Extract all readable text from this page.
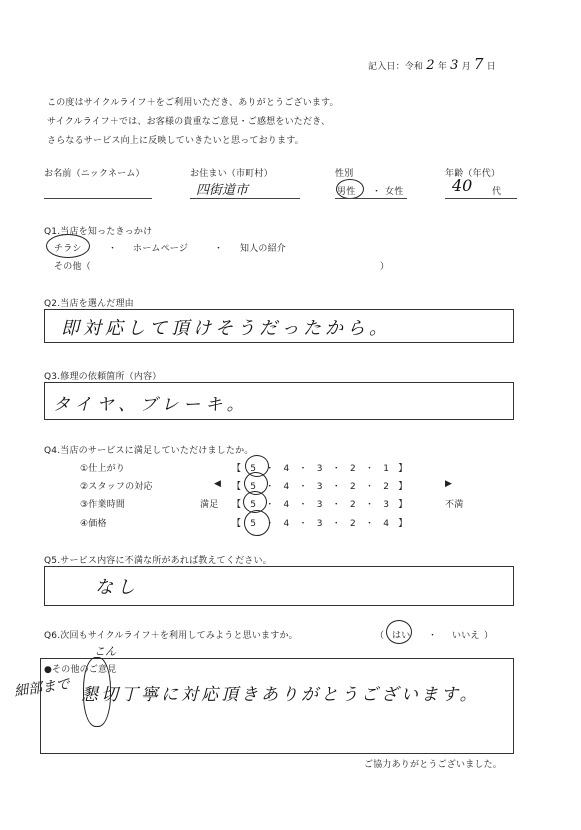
記入日：令和 2 年 3 月 7 日
この度はサイクルライフ＋をご利用いただき、ありがとうございます。
サイクルライフ＋では、お客様の貴重なご意見・ご感想をいただき、
さらなるサービス向上に反映していきたいと思っております。
お名前（ニックネーム）	お住まい（市町村）
四街道市
性別
男性 ・ 女性
年齢（年代）
40 代
Q1.当店を知ったきっかけ
チラシ	・ ホームページ	・ 知人の紹介
その他（	）
Q2.当店を選んだ理由
即対応して頂けそうだったから。
Q3.修理の依頼箇所（内容）
タイヤ、ブレーキ。
Q4.当店のサービスに満足していただけましたか。
①仕上がり	【 5 ・ 4 ・ 3 ・ 2 ・ 1 】
②スタッフの対応	◀ 【 5 ・ 4 ・ 3 ・ 2 ・ 2 】	▶
③作業時間	満足 【 5 ・ 4 ・ 3 ・ 2 ・ 3 】	不満
④価格	【 5 ・ 4 ・ 3 ・ 2 ・ 4 】
Q5.サービス内容に不満な所があれば教えてください。
なし
Q6.次回もサイクルライフ＋を利用してみようと思いますか。	（ はい ・ いいえ ）
●その他のご意見
懇切丁寧に対応頂きありがとうございます。
こん
細部まで
ご協力ありがとうございました。
